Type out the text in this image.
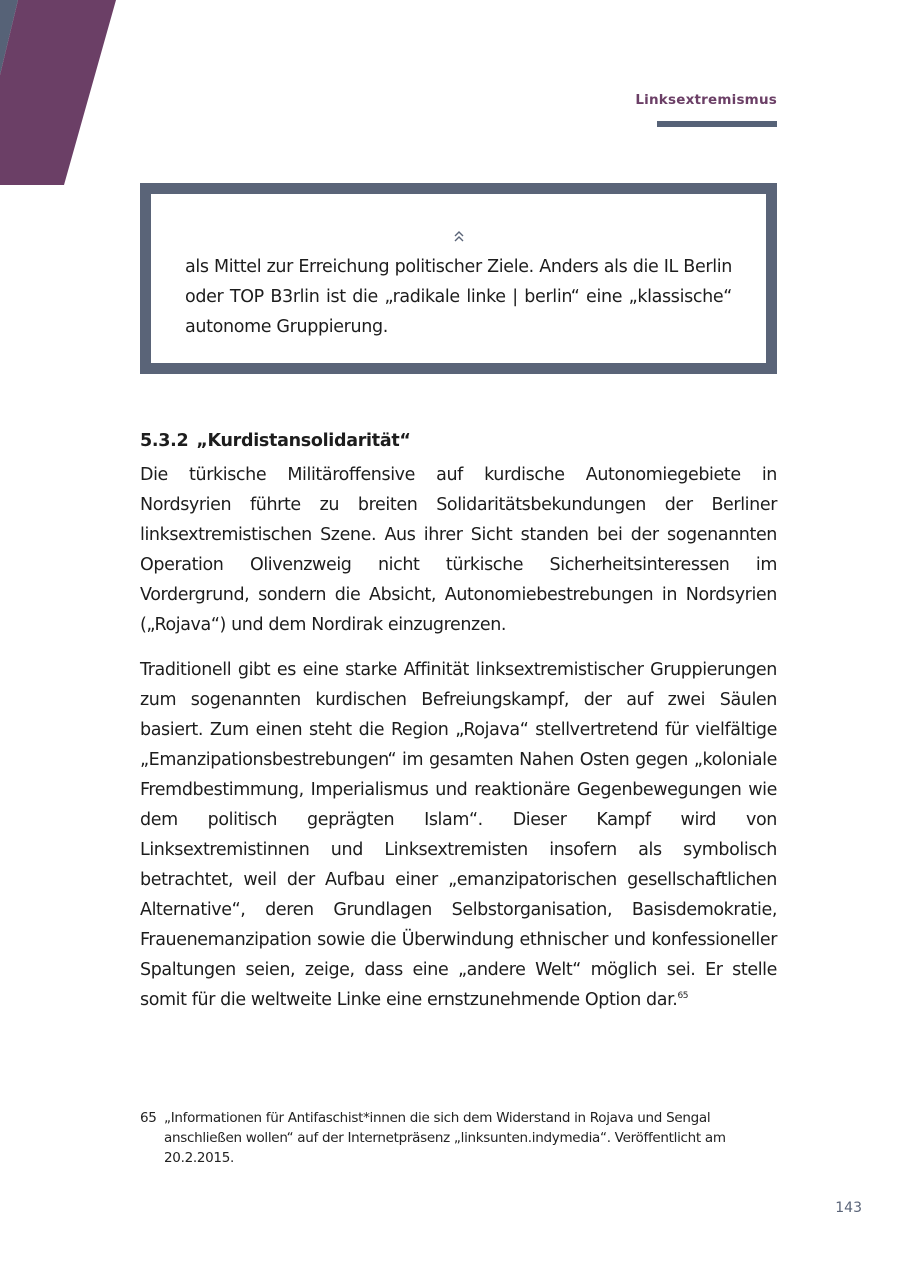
Linksextremismus
als Mittel zur Erreichung politischer Ziele. Anders als die IL Berlin oder TOP B3rlin ist die „radikale linke | berlin“ eine „klassische“ autonome Gruppierung.
5.3.2 „Kurdistansolidarität“

Die türkische Militäroffensive auf kurdische Autonomiegebiete in Nordsyrien führte zu breiten Solidaritätsbekundungen der Berliner linksextremistischen Szene. Aus ihrer Sicht standen bei der sogenannten Operation Olivenzweig nicht türkische Sicherheitsinteressen im Vordergrund, sondern die Absicht, Autonomiebestrebungen in Nordsyrien („Rojava“) und dem Nordirak einzugrenzen.

Traditionell gibt es eine starke Affinität linksextremistischer Gruppierungen zum sogenannten kurdischen Befreiungskampf, der auf zwei Säulen basiert. Zum einen steht die Region „Rojava“ stellvertretend für vielfältige „Emanzipationsbestrebungen“ im gesamten Nahen Osten gegen „koloniale Fremdbestimmung, Imperialismus und reaktionäre Gegenbewegungen wie dem politisch geprägten Islam“. Dieser Kampf wird von Linksextremistinnen und Linksextremisten insofern als symbolisch betrachtet, weil der Aufbau einer „emanzipatorischen gesellschaftlichen Alternative“, deren Grundlagen Selbstorganisation, Basisdemokratie, Frauenemanzipation sowie die Überwindung ethnischer und konfessioneller Spaltungen seien, zeige, dass eine „andere Welt“ möglich sei. Er stelle somit für die weltweite Linke eine ernstzunehmende Option dar.$^{65}$

65 „Informationen für Antifaschist*innen die sich dem Widerstand in Rojava und Sengal anschließen wollen“ auf der Internetpräsenz „linksunten.indymedia“. Veröffentlicht am 20.2.2015.
143
